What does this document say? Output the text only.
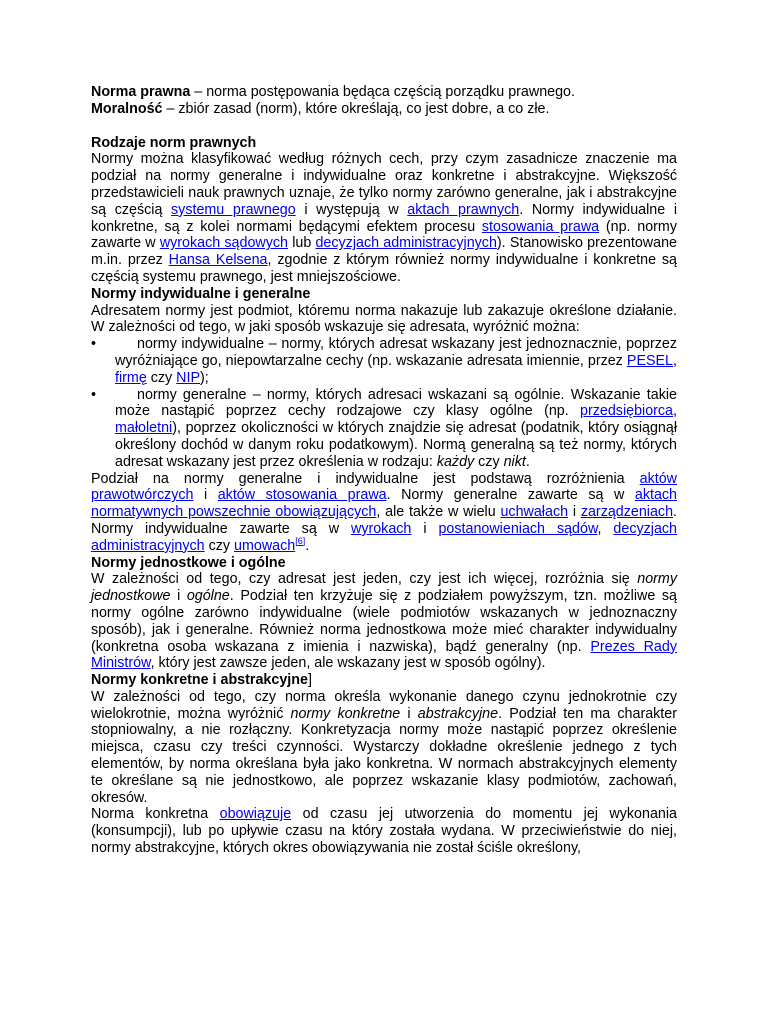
Norma prawna – norma postępowania będąca częścią porządku prawnego.

Moralność – zbiór zasad (norm), które określają, co jest dobre, a co złe.

Rodzaje norm prawnych

Normy można klasyfikować według różnych cech, przy czym zasadnicze znaczenie ma podział na normy generalne i indywidualne oraz konkretne i abstrakcyjne. Większość przedstawicieli nauk prawnych uznaje, że tylko normy zarówno generalne, jak i abstrakcyjne są częścią systemu prawnego i występują w aktach prawnych. Normy indywidualne i konkretne, są z kolei normami będącymi efektem procesu stosowania prawa (np. normy zawarte w wyrokach sądowych lub decyzjach administracyjnych). Stanowisko prezentowane m.in. przez Hansa Kelsena, zgodnie z którym również normy indywidualne i konkretne są częścią systemu prawnego, jest mniejszościowe.

Normy indywidualne i generalne

Adresatem normy jest podmiot, któremu norma nakazuje lub zakazuje określone działanie. W zależności od tego, w jaki sposób wskazuje się adresata, wyróżnić można:

•	normy indywidualne – normy, których adresat wskazany jest jednoznacznie, poprzez wyróżniające go, niepowtarzalne cechy (np. wskazanie adresata imiennie, przez PESEL, firmę czy NIP);
•	normy generalne – normy, których adresaci wskazani są ogólnie. Wskazanie takie może nastąpić poprzez cechy rodzajowe czy klasy ogólne (np. przedsiębiorca, małoletni), poprzez okoliczności w których znajdzie się adresat (podatnik, który osiągnął określony dochód w danym roku podatkowym). Normą generalną są też normy, których adresat wskazany jest przez określenia w rodzaju: każdy czy nikt.

Podział na normy generalne i indywidualne jest podstawą rozróżnienia aktów prawotwórczych i aktów stosowania prawa. Normy generalne zawarte są w aktach normatywnych powszechnie obowiązujących, ale także w wielu uchwałach i zarządzeniach. Normy indywidualne zawarte są w wyrokach i postanowieniach sądów, decyzjach administracyjnych czy umowach[6].

Normy jednostkowe i ogólne

W zależności od tego, czy adresat jest jeden, czy jest ich więcej, rozróżnia się normy jednostkowe i ogólne. Podział ten krzyżuje się z podziałem powyższym, tzn. możliwe są normy ogólne zarówno indywidualne (wiele podmiotów wskazanych w jednoznaczny sposób), jak i generalne. Również norma jednostkowa może mieć charakter indywidualny (konkretna osoba wskazana z imienia i nazwiska), bądź generalny (np. Prezes Rady Ministrów, który jest zawsze jeden, ale wskazany jest w sposób ogólny).

Normy konkretne i abstrakcyjne]

W zależności od tego, czy norma określa wykonanie danego czynu jednokrotnie czy wielokrotnie, można wyróżnić normy konkretne i abstrakcyjne. Podział ten ma charakter stopniowalny, a nie rozłączny. Konkretyzacja normy może nastąpić poprzez określenie miejsca, czasu czy treści czynności. Wystarczy dokładne określenie jednego z tych elementów, by norma określana była jako konkretna. W normach abstrakcyjnych elementy te określane są nie jednostkowo, ale poprzez wskazanie klasy podmiotów, zachowań, okresów.

Norma konkretna obowiązuje od czasu jej utworzenia do momentu jej wykonania (konsumpcji), lub po upływie czasu na który została wydana. W przeciwieństwie do niej, normy abstrakcyjne, których okres obowiązywania nie został ściśle określony,
